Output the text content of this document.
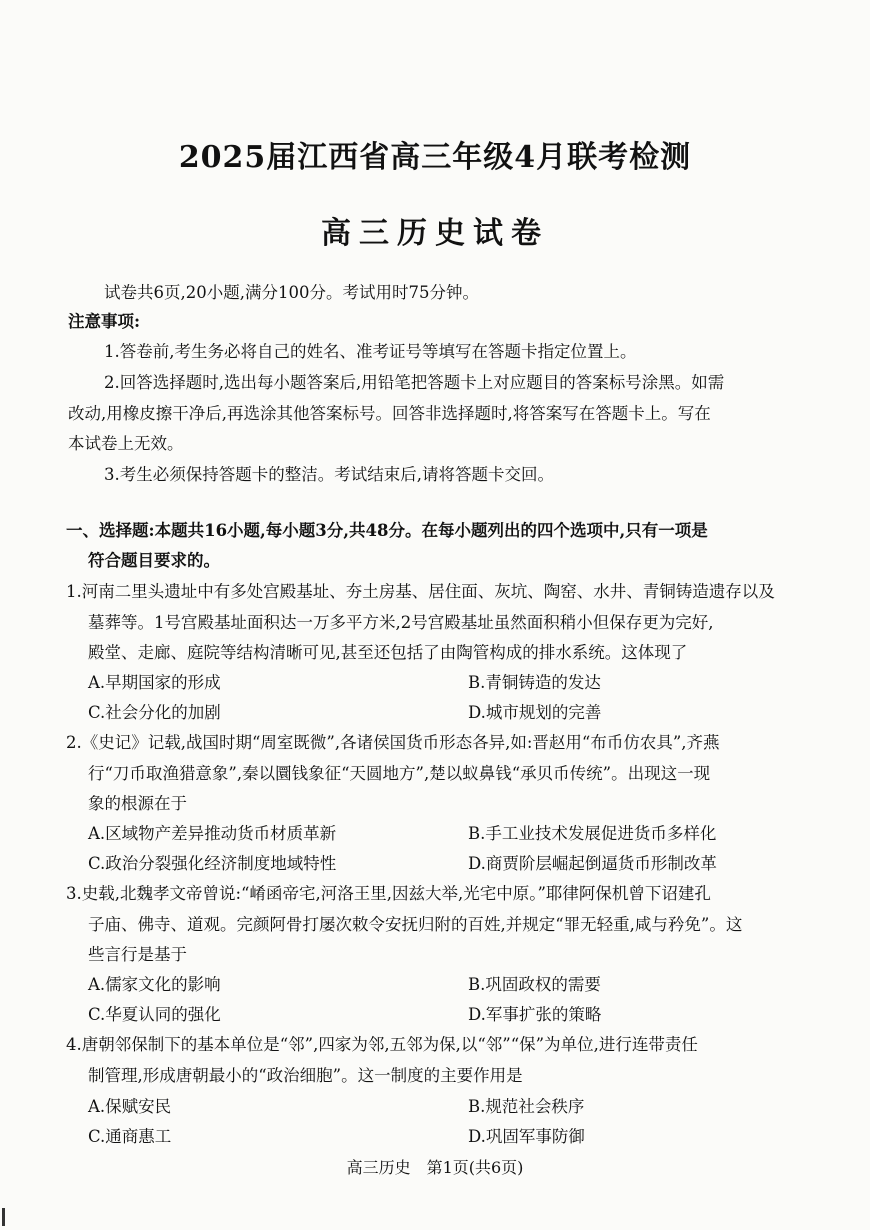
2025届江西省高三年级4月联考检测
高三历史试卷
试卷共6页,20小题,满分100分。考试用时75分钟。
注意事项:
1.答卷前,考生务必将自己的姓名、准考证号等填写在答题卡指定位置上。
2.回答选择题时,选出每小题答案后,用铅笔把答题卡上对应题目的答案标号涂黑。如需
改动,用橡皮擦干净后,再选涂其他答案标号。回答非选择题时,将答案写在答题卡上。写在
本试卷上无效。
3.考生必须保持答题卡的整洁。考试结束后,请将答题卡交回。
一、选择题:本题共16小题,每小题3分,共48分。在每小题列出的四个选项中,只有一项是
符合题目要求的。
1.河南二里头遗址中有多处宫殿基址、夯土房基、居住面、灰坑、陶窑、水井、青铜铸造遗存以及
墓葬等。1号宫殿基址面积达一万多平方米,2号宫殿基址虽然面积稍小但保存更为完好,
殿堂、走廊、庭院等结构清晰可见,甚至还包括了由陶管构成的排水系统。这体现了
A.早期国家的形成	B.青铜铸造的发达
C.社会分化的加剧	D.城市规划的完善
2.《史记》记载,战国时期“周室既微”,各诸侯国货币形态各异,如:晋赵用“布币仿农具”,齐燕
行“刀币取渔猎意象”,秦以圜钱象征“天圆地方”,楚以蚁鼻钱“承贝币传统”。出现这一现
象的根源在于
A.区域物产差异推动货币材质革新	B.手工业技术发展促进货币多样化
C.政治分裂强化经济制度地域特性	D.商贾阶层崛起倒逼货币形制改革
3.史载,北魏孝文帝曾说:“崤函帝宅,河洛王里,因兹大举,光宅中原。”耶律阿保机曾下诏建孔
子庙、佛寺、道观。完颜阿骨打屡次敕令安抚归附的百姓,并规定“罪无轻重,咸与矜免”。这
些言行是基于
A.儒家文化的影响	B.巩固政权的需要
C.华夏认同的强化	D.军事扩张的策略
4.唐朝邻保制下的基本单位是“邻”,四家为邻,五邻为保,以“邻”“保”为单位,进行连带责任
制管理,形成唐朝最小的“政治细胞”。这一制度的主要作用是
A.保赋安民	B.规范社会秩序
C.通商惠工	D.巩固军事防御
高三历史　第1页(共6页)
